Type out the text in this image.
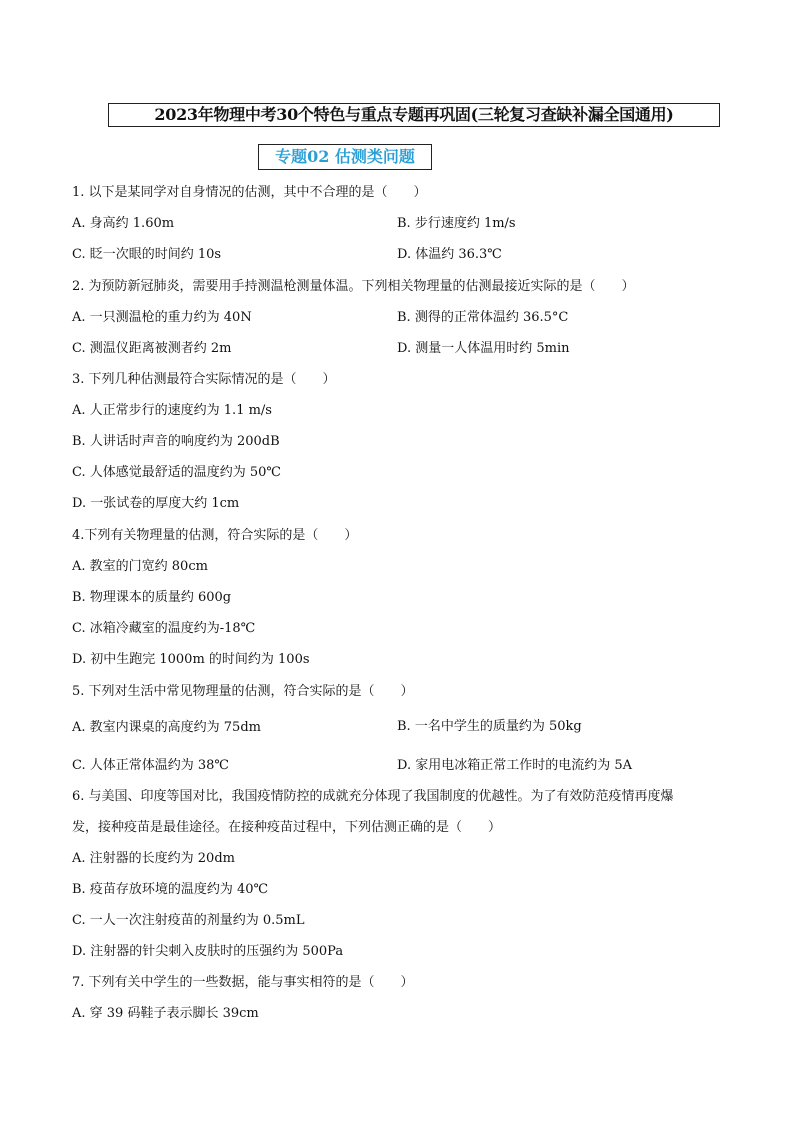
2023年物理中考30个特色与重点专题再巩固(三轮复习查缺补漏全国通用)
专题02 估测类问题
1. 以下是某同学对自身情况的估测，其中不合理的是（　　）
A. 身高约 1.60m	B. 步行速度约 1m/s
C. 眨一次眼的时间约 10s	D. 体温约 36.3℃
2. 为预防新冠肺炎，需要用手持测温枪测量体温。下列相关物理量的估测最接近实际的是（　　）
A. 一只测温枪的重力约为 40N	B. 测得的正常体温约 36.5°C
C. 测温仪距离被测者约 2m	D. 测量一人体温用时约 5min
3. 下列几种估测最符合实际情况的是（　　）
A. 人正常步行的速度约为 1.1 m/s
B. 人讲话时声音的响度约为 200dB
C. 人体感觉最舒适的温度约为 50℃
D. 一张试卷的厚度大约 1cm
4.下列有关物理量的估测，符合实际的是（　　）
A. 教室的门宽约 80cm
B. 物理课本的质量约 600g
C. 冰箱冷藏室的温度约为-18℃
D. 初中生跑完 1000m 的时间约为 100s
5. 下列对生活中常见物理量的估测，符合实际的是（　　）
A. 教室内课桌的高度约为 75dm	B. 一名中学生的质量约为 50kg
C. 人体正常体温约为 38℃	D. 家用电冰箱正常工作时的电流约为 5A
6. 与美国、印度等国对比，我国疫情防控的成就充分体现了我国制度的优越性。为了有效防范疫情再度爆
发，接种疫苗是最佳途径。在接种疫苗过程中，下列估测正确的是（　　）
A. 注射器的长度约为 20dm
B. 疫苗存放环境的温度约为 40℃
C. 一人一次注射疫苗的剂量约为 0.5mL
D. 注射器的针尖刺入皮肤时的压强约为 500Pa
7. 下列有关中学生的一些数据，能与事实相符的是（　　）
A. 穿 39 码鞋子表示脚长 39cm
